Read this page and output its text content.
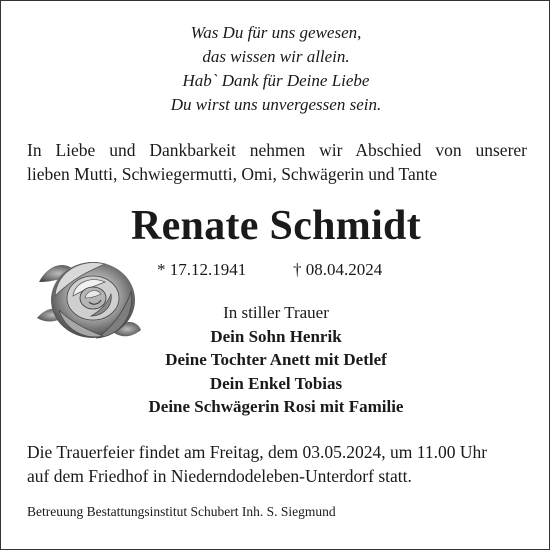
Was Du für uns gewesen,
das wissen wir allein.
Hab` Dank für Deine Liebe
Du wirst uns unvergessen sein.
In Liebe und Dankbarkeit nehmen wir Abschied von unserer
lieben Mutti, Schwiegermutti, Omi, Schwägerin und Tante
Renate Schmidt
* 17.12.1941	† 08.04.2024
In stiller Trauer
Dein Sohn Henrik
Deine Tochter Anett mit Detlef
Dein Enkel Tobias
Deine Schwägerin Rosi mit Familie
Die Trauerfeier findet am Freitag, dem 03.05.2024, um 11.00 Uhr
auf dem Friedhof in Niederndodeleben-Unterdorf statt.
Betreuung Bestattungsinstitut Schubert Inh. S. Siegmund
